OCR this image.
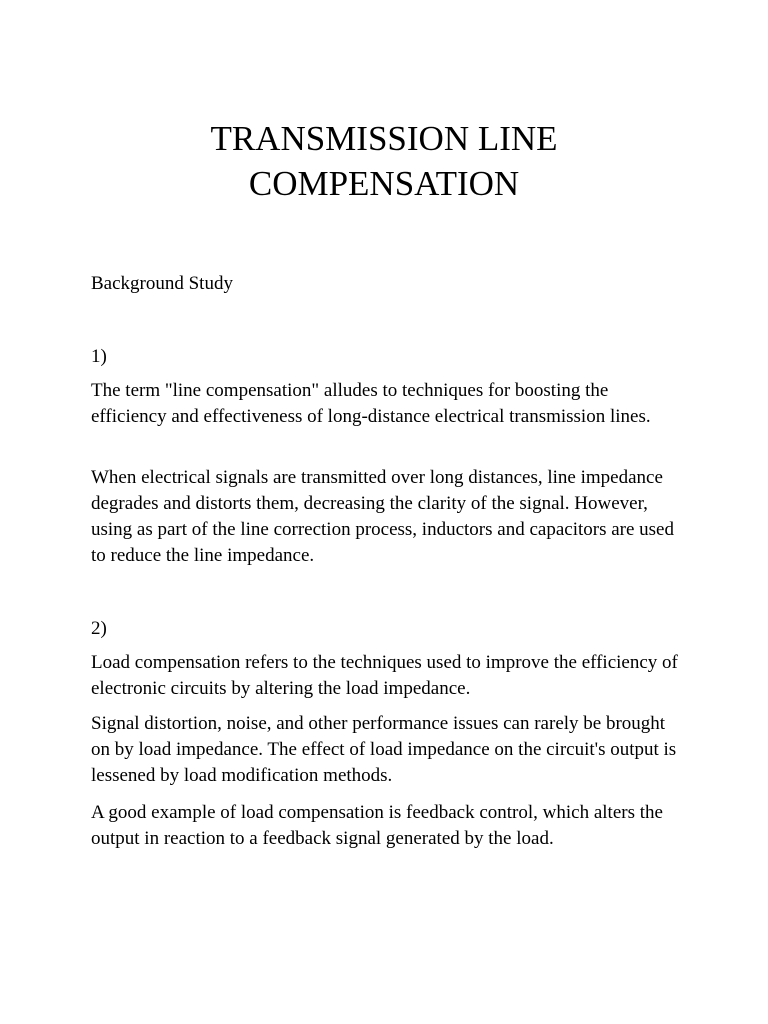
TRANSMISSION LINE
COMPENSATION

Background Study

1)

The term "line compensation" alludes to techniques for boosting the efficiency and effectiveness of long-distance electrical transmission lines.

When electrical signals are transmitted over long distances, line impedance degrades and distorts them, decreasing the clarity of the signal. However, using as part of the line correction process, inductors and capacitors are used to reduce the line impedance.

2)

Load compensation refers to the techniques used to improve the efficiency of electronic circuits by altering the load impedance.

Signal distortion, noise, and other performance issues can rarely be brought on by load impedance. The effect of load impedance on the circuit's output is lessened by load modification methods.

A good example of load compensation is feedback control, which alters the output in reaction to a feedback signal generated by the load.
